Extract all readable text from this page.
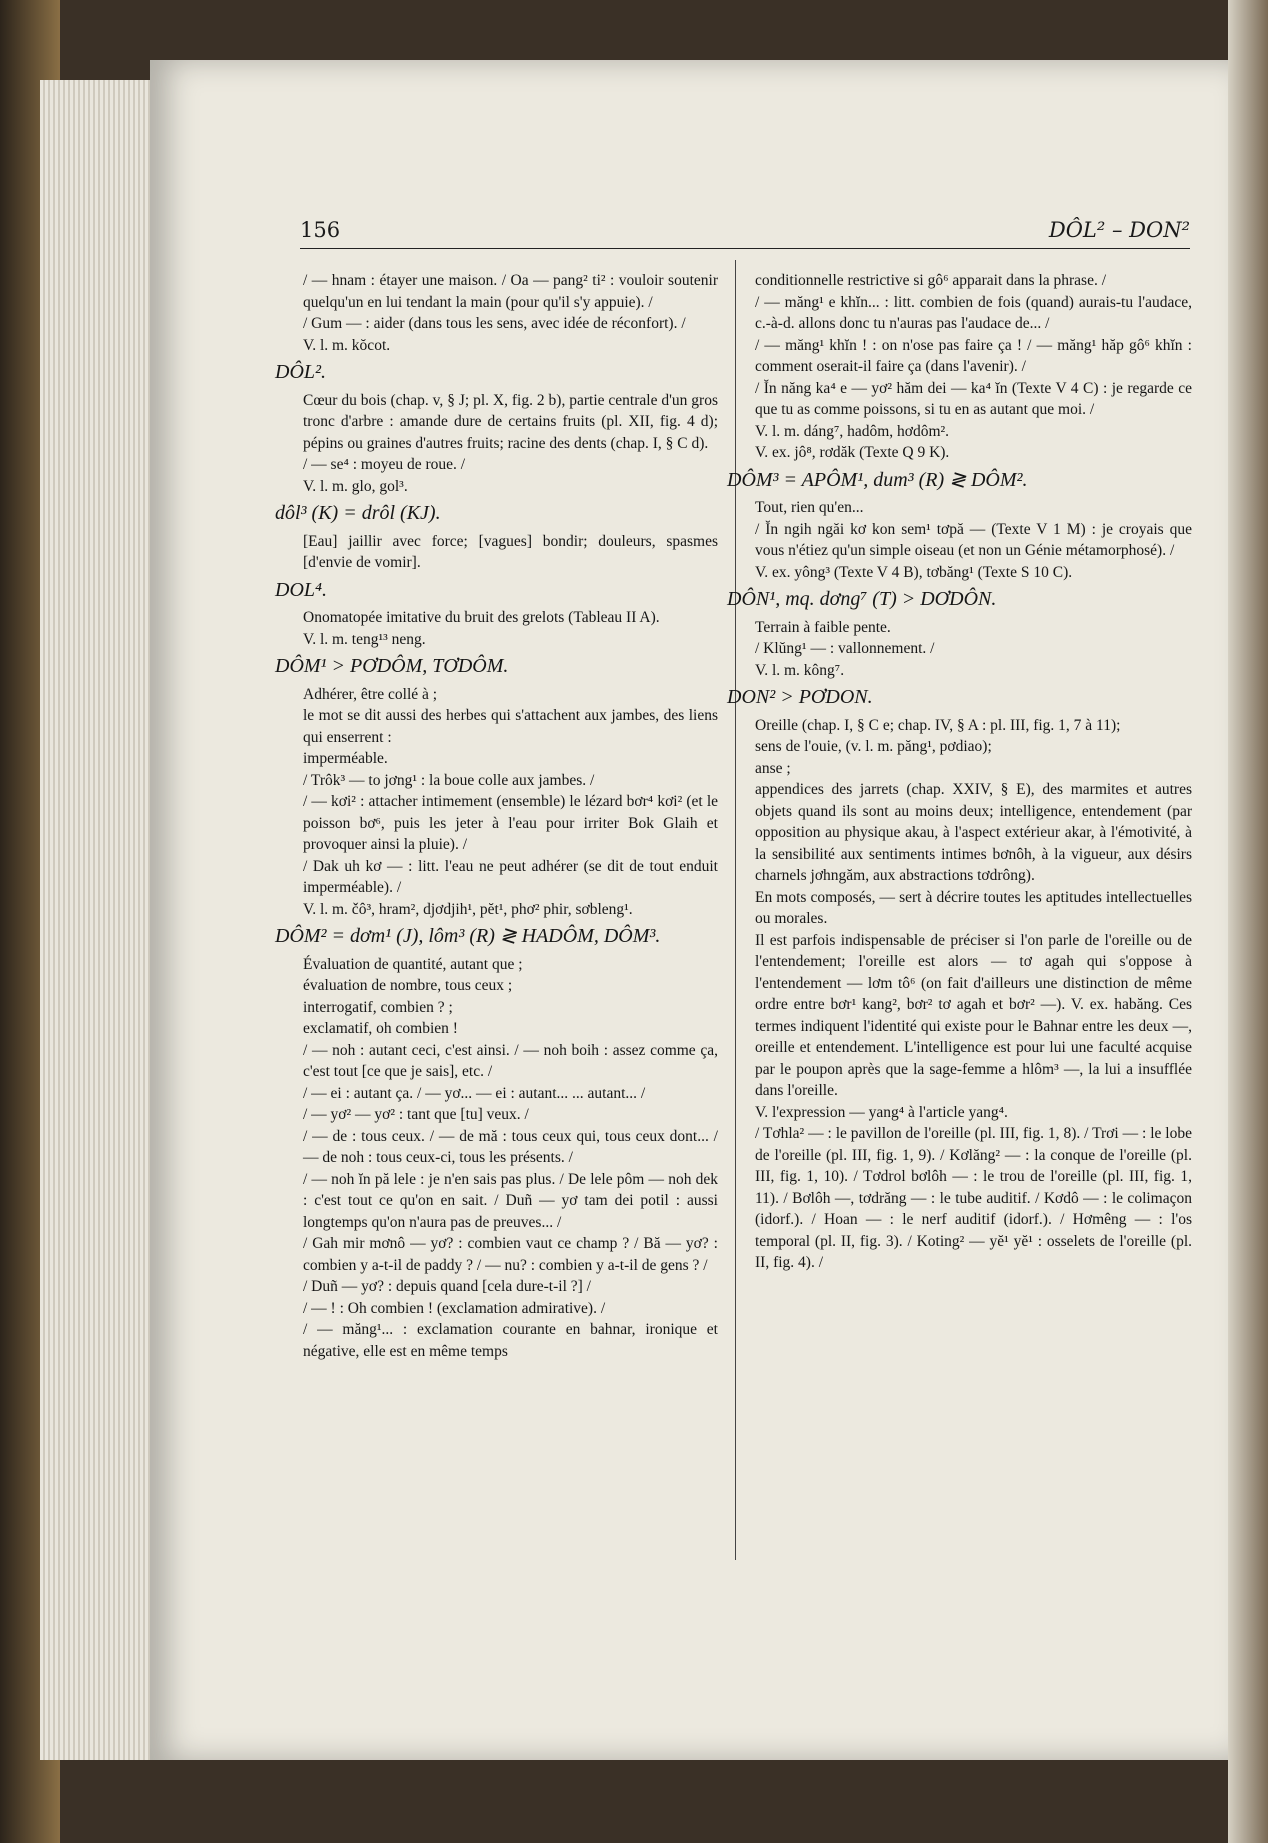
156	DÔL² – DON²

/ — hnam : étayer une maison. / Oa — pang² ti² : vouloir soutenir quelqu'un en lui tendant la main (pour qu'il s'y appuie). /

/ Gum — : aider (dans tous les sens, avec idée de réconfort). /

V. l. m. kŏcot.

DÔL².

Cœur du bois (chap. v, § J; pl. X, fig. 2 b), partie centrale d'un gros tronc d'arbre : amande dure de certains fruits (pl. XII, fig. 4 d); pépins ou graines d'autres fruits; racine des dents (chap. I, § C d).

/ — se⁴ : moyeu de roue. /

V. l. m. glo, gol³.

dôl³ (K) = drôl (KJ).

[Eau] jaillir avec force; [vagues] bondir; douleurs, spasmes [d'envie de vomir].

DOL⁴.

Onomatopée imitative du bruit des grelots (Tableau II A).

V. l. m. teng¹³ neng.

DÔM¹ > PƠDÔM, TƠDÔM.

Adhérer, être collé à ;

le mot se dit aussi des herbes qui s'attachent aux jambes, des liens qui enserrent :

imperméable.

/ Trôk³ — to jơng¹ : la boue colle aux jambes. /

/ — kơi² : attacher intimement (ensemble) le lézard bơr⁴ kơi² (et le poisson bơ⁶, puis les jeter à l'eau pour irriter Bok Glaih et provoquer ainsi la pluie). /

/ Dak uh kơ — : litt. l'eau ne peut adhérer (se dit de tout enduit imperméable). /

V. l. m. čô³, hram², djơdjih¹, pĕt¹, phơ² phir, sơbleng¹.

DÔM² = dơm¹ (J), lôm³ (R) ≷ HADÔM, DÔM³.

Évaluation de quantité, autant que ;

évaluation de nombre, tous ceux ;

interrogatif, combien ? ;

exclamatif, oh combien !

/ — noh : autant ceci, c'est ainsi. / — noh boih : assez comme ça, c'est tout [ce que je sais], etc. /

/ — ei : autant ça. / — yơ... — ei : autant... ... autant... /

/ — yơ² — yơ² : tant que [tu] veux. /

/ — de : tous ceux. / — de mă : tous ceux qui, tous ceux dont... / — de noh : tous ceux-ci, tous les présents. /

/ — noh ĭn pă lele : je n'en sais pas plus. / De lele pôm — noh dek : c'est tout ce qu'on en sait. / Duñ — yơ tam dei potil : aussi longtemps qu'on n'aura pas de preuves... /

/ Gah mir mơnô — yơ? : combien vaut ce champ ? / Bă — yơ? : combien y a-t-il de paddy ? / — nu? : combien y a-t-il de gens ? /

/ Duñ — yơ? : depuis quand [cela dure-t-il ?] /

/ — ! : Oh combien ! (exclamation admirative). /

/ — măng¹... : exclamation courante en bahnar, ironique et négative, elle est en même temps

conditionnelle restrictive si gô⁶ apparait dans la phrase. /

/ — măng¹ e khĭn... : litt. combien de fois (quand) aurais-tu l'audace, c.-à-d. allons donc tu n'auras pas l'audace de... /

/ — măng¹ khĭn ! : on n'ose pas faire ça ! / — măng¹ hăp gô⁶ khĭn : comment oserait-il faire ça (dans l'avenir). /

/ Ĭn năng ka⁴ e — yơ² hăm dei — ka⁴ ĭn (Texte V 4 C) : je regarde ce que tu as comme poissons, si tu en as autant que moi. /

V. l. m. dáng⁷, hadôm, hơdôm².

V. ex. jô⁸, rơdăk (Texte Q 9 K).

DÔM³ = APÔM¹, dum³ (R) ≷ DÔM².

Tout, rien qu'en...

/ Ĭn ngih ngăi kơ kon sem¹ tơpă — (Texte V 1 M) : je croyais que vous n'étiez qu'un simple oiseau (et non un Génie métamorphosé). /

V. ex. yông³ (Texte V 4 B), tơbăng¹ (Texte S 10 C).

DÔN¹, mq. dơng⁷ (T) > DƠDÔN.

Terrain à faible pente.

/ Klŭng¹ — : vallonnement. /

V. l. m. kông⁷.

DON² > PƠDON.

Oreille (chap. I, § C e; chap. IV, § A : pl. III, fig. 1, 7 à 11);

sens de l'ouie, (v. l. m. păng¹, pơdiao);

anse ;

appendices des jarrets (chap. XXIV, § E), des marmites et autres objets quand ils sont au moins deux; intelligence, entendement (par opposition au physique akau, à l'aspect extérieur akar, à l'émotivité, à la sensibilité aux sentiments intimes bơnôh, à la vigueur, aux désirs charnels jơhngăm, aux abstractions tơdrông).

En mots composés, — sert à décrire toutes les aptitudes intellectuelles ou morales.

Il est parfois indispensable de préciser si l'on parle de l'oreille ou de l'entendement; l'oreille est alors — tơ agah qui s'oppose à l'entendement — lơm tô⁶ (on fait d'ailleurs une distinction de même ordre entre bơr¹ kang², bơr² tơ agah et bơr² —). V. ex. habăng. Ces termes indiquent l'identité qui existe pour le Bahnar entre les deux —, oreille et entendement. L'intelligence est pour lui une faculté acquise par le poupon après que la sage-femme a hlôm³ —, la lui a insufflée dans l'oreille.

V. l'expression — yang⁴ à l'article yang⁴.

/ Tơhla² — : le pavillon de l'oreille (pl. III, fig. 1, 8). / Trơi — : le lobe de l'oreille (pl. III, fig. 1, 9). / Kơlăng² — : la conque de l'oreille (pl. III, fig. 1, 10). / Tơdrol bơlôh — : le trou de l'oreille (pl. III, fig. 1, 11). / Bơlôh —, tơdrăng — : le tube auditif. / Kơdô — : le colimaçon (idorf.). / Hoan — : le nerf auditif (idorf.). / Hơmêng — : l'os temporal (pl. II, fig. 3). / Koting² — yĕ¹ yĕ¹ : osselets de l'oreille (pl. II, fig. 4). /
